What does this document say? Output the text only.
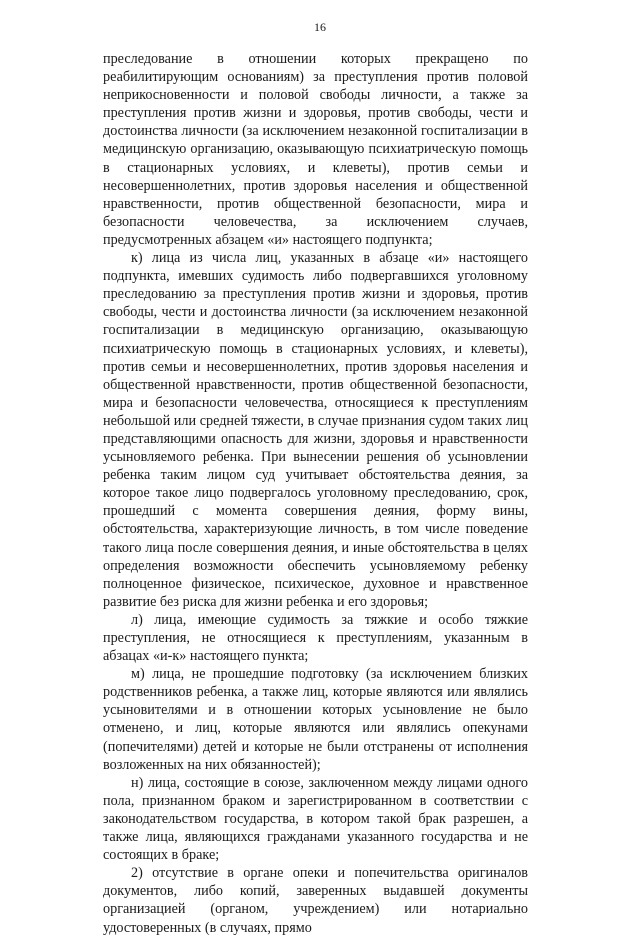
16

преследование в отношении которых прекращено по реабилитирующим основаниям) за преступления против половой неприкосновенности и половой свободы личности, а также за преступления против жизни и здоровья, против свободы, чести и достоинства личности (за исключением незаконной госпитализации в медицинскую организацию, оказывающую психиатрическую помощь в стационарных условиях, и клеветы), против семьи и несовершеннолетних, против здоровья населения и общественной нравственности, против общественной безопасности, мира и безопасности человечества, за исключением случаев, предусмотренных абзацем «и» настоящего подпункта;

к) лица из числа лиц, указанных в абзаце «и» настоящего подпункта, имевших судимость либо подвергавшихся уголовному преследованию за преступления против жизни и здоровья, против свободы, чести и достоинства личности (за исключением незаконной госпитализации в медицинскую организацию, оказывающую психиатрическую помощь в стационарных условиях, и клеветы), против семьи и несовершеннолетних, против здоровья населения и общественной нравственности, против общественной безопасности, мира и безопасности человечества, относящиеся к преступлениям небольшой или средней тяжести, в случае признания судом таких лиц представляющими опасность для жизни, здоровья и нравственности усыновляемого ребенка. При вынесении решения об усыновлении ребенка таким лицом суд учитывает обстоятельства деяния, за которое такое лицо подвергалось уголовному преследованию, срок, прошедший с момента совершения деяния, форму вины, обстоятельства, характеризующие личность, в том числе поведение такого лица после совершения деяния, и иные обстоятельства в целях определения возможности обеспечить усыновляемому ребенку полноценное физическое, психическое, духовное и нравственное развитие без риска для жизни ребенка и его здоровья;

л) лица, имеющие судимость за тяжкие и особо тяжкие преступления, не относящиеся к преступлениям, указанным в абзацах «и-к» настоящего пункта;

м) лица, не прошедшие подготовку (за исключением близких родственников ребенка, а также лиц, которые являются или являлись усыновителями и в отношении которых усыновление не было отменено, и лиц, которые являются или являлись опекунами (попечителями) детей и которые не были отстранены от исполнения возложенных на них обязанностей);

н) лица, состоящие в союзе, заключенном между лицами одного пола, признанном браком и зарегистрированном в соответствии с законодательством государства, в котором такой брак разрешен, а также лица, являющихся гражданами указанного государства и не состоящих в браке;

2) отсутствие в органе опеки и попечительства оригиналов документов, либо копий, заверенных выдавшей документы организацией (органом, учреждением) или нотариально удостоверенных (в случаях, прямо
